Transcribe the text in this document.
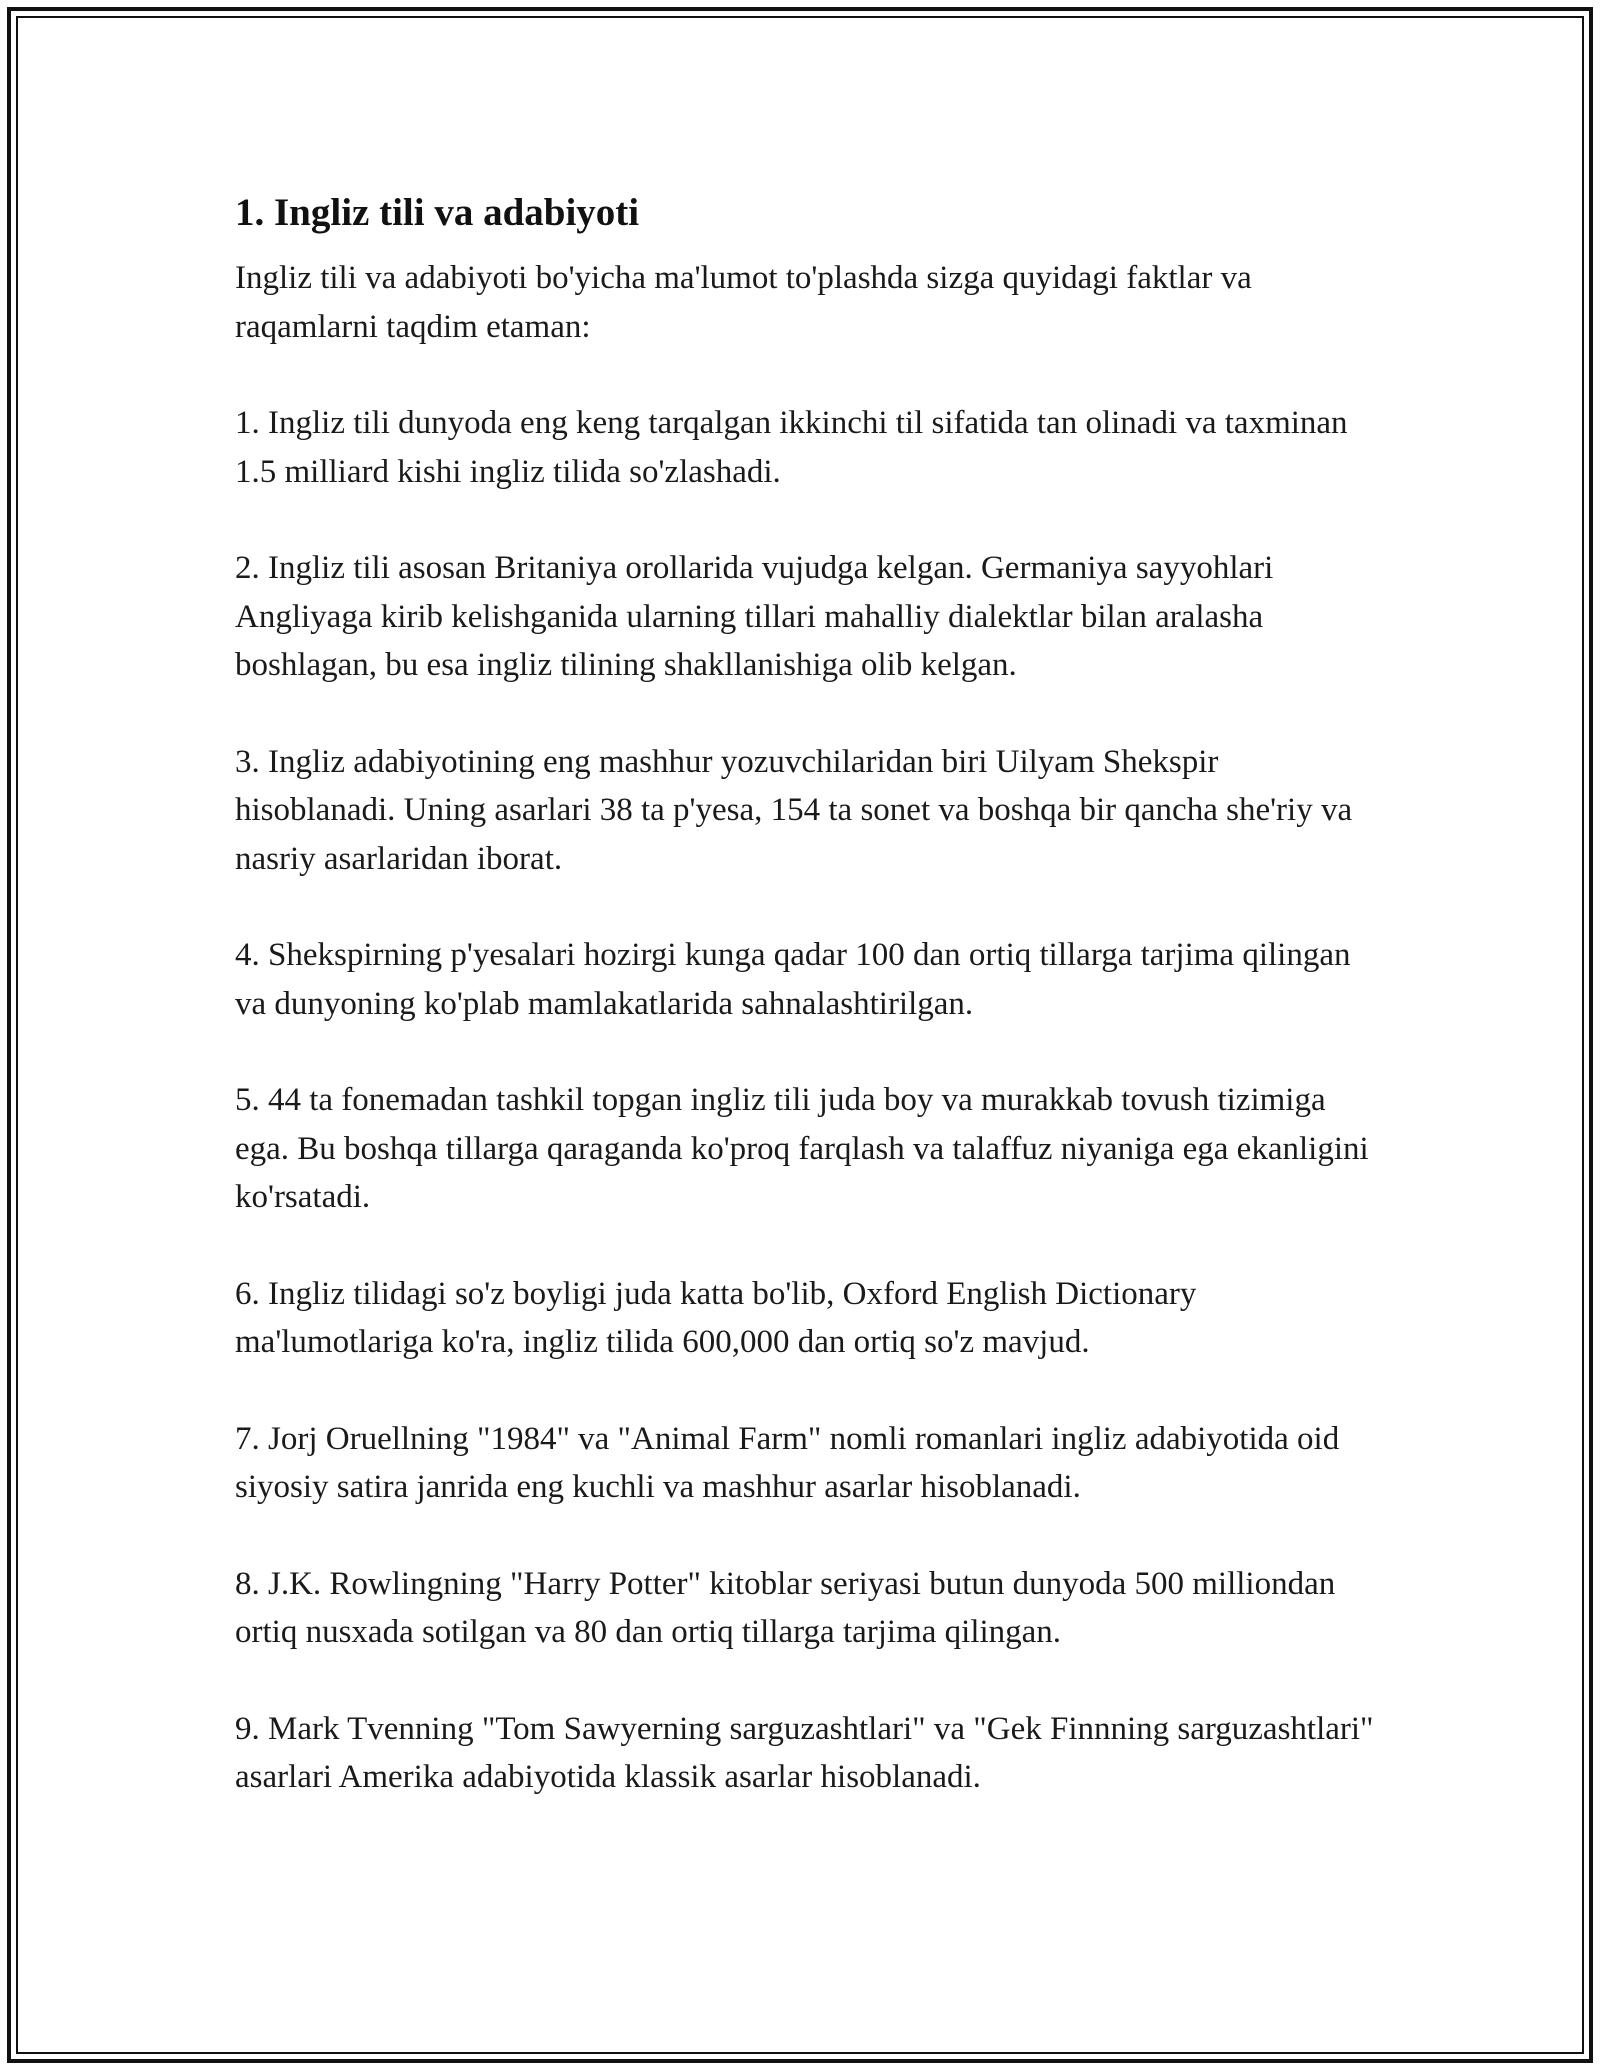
1. Ingliz tili va adabiyoti

Ingliz tili va adabiyoti bo'yicha ma'lumot to'plashda sizga quyidagi faktlar va raqamlarni taqdim etaman:

1. Ingliz tili dunyoda eng keng tarqalgan ikkinchi til sifatida tan olinadi va taxminan 1.5 milliard kishi ingliz tilida so'zlashadi.

2. Ingliz tili asosan Britaniya orollarida vujudga kelgan. Germaniya sayyohlari Angliyaga kirib kelishganida ularning tillari mahalliy dialektlar bilan aralasha boshlagan, bu esa ingliz tilining shakllanishiga olib kelgan.

3. Ingliz adabiyotining eng mashhur yozuvchilaridan biri Uilyam Shekspir hisoblanadi. Uning asarlari 38 ta p'yesa, 154 ta sonet va boshqa bir qancha she'riy va nasriy asarlaridan iborat.

4. Shekspirning p'yesalari hozirgi kunga qadar 100 dan ortiq tillarga tarjima qilingan va dunyoning ko'plab mamlakatlarida sahnalashtirilgan.

5. 44 ta fonemadan tashkil topgan ingliz tili juda boy va murakkab tovush tizimiga ega. Bu boshqa tillarga qaraganda ko'proq farqlash va talaffuz niyaniga ega ekanligini ko'rsatadi.

6. Ingliz tilidagi so'z boyligi juda katta bo'lib, Oxford English Dictionary ma'lumotlariga ko'ra, ingliz tilida 600,000 dan ortiq so'z mavjud.

7. Jorj Oruellning "1984" va "Animal Farm" nomli romanlari ingliz adabiyotida oid siyosiy satira janrida eng kuchli va mashhur asarlar hisoblanadi.

8. J.K. Rowlingning "Harry Potter" kitoblar seriyasi butun dunyoda 500 milliondan ortiq nusxada sotilgan va 80 dan ortiq tillarga tarjima qilingan.

9. Mark Tvenning "Tom Sawyerning sarguzashtlari" va "Gek Finnning sarguzashtlari" asarlari Amerika adabiyotida klassik asarlar hisoblanadi.
